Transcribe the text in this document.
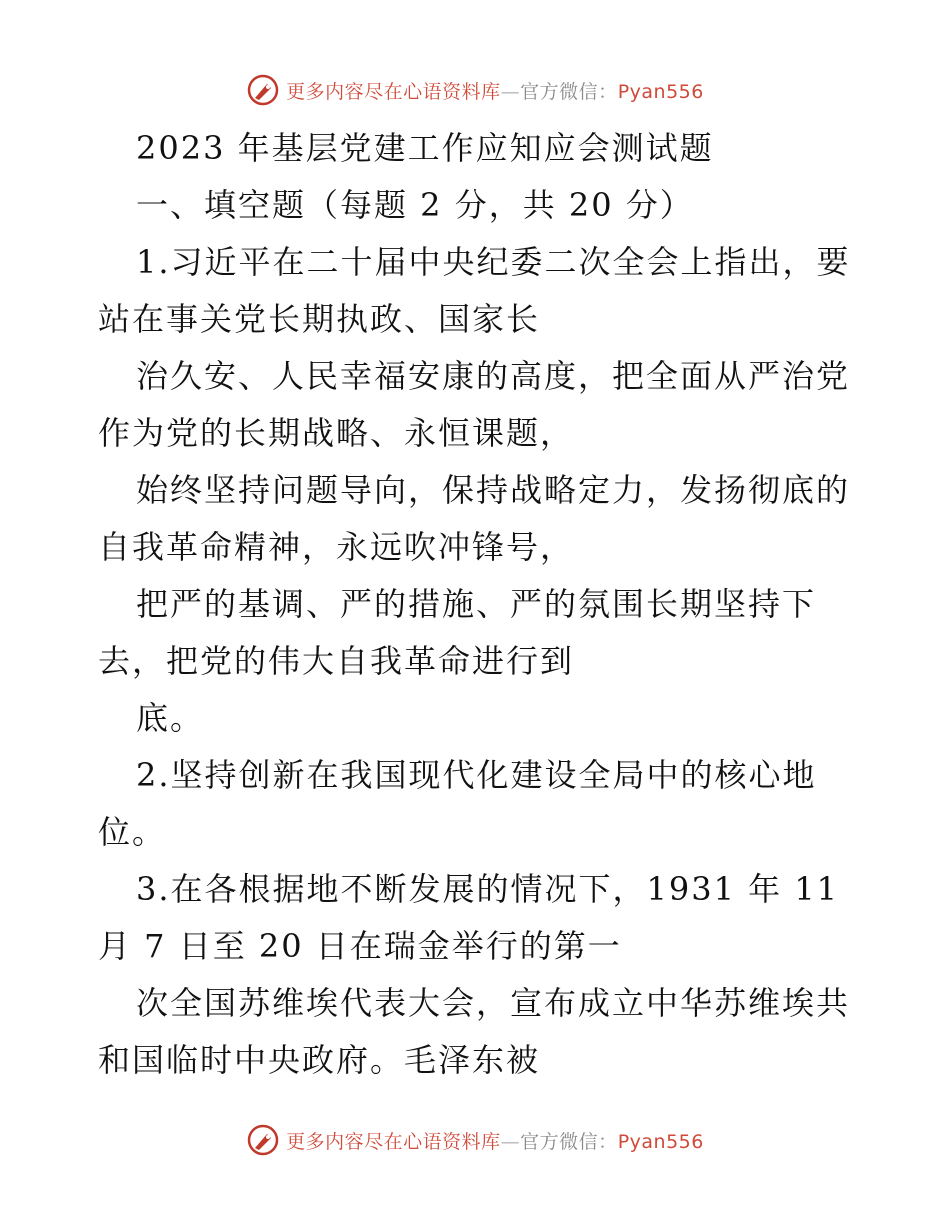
更多内容尽在心语资料库—官方微信：Pyan556
2023 年基层党建工作应知应会测试题
一、填空题（每题 2 分，共 20 分）
1.习近平在二十届中央纪委二次全会上指出，要
站在事关党长期执政、国家长
治久安、人民幸福安康的高度，把全面从严治党
作为党的长期战略、永恒课题，
始终坚持问题导向，保持战略定力，发扬彻底的
自我革命精神，永远吹冲锋号，
把严的基调、严的措施、严的氛围长期坚持下
去，把党的伟大自我革命进行到
底。
2.坚持创新在我国现代化建设全局中的核心地
位。
3.在各根据地不断发展的情况下，1931 年 11
月 7 日至 20 日在瑞金举行的第一
次全国苏维埃代表大会，宣布成立中华苏维埃共
和国临时中央政府。毛泽东被
更多内容尽在心语资料库—官方微信：Pyan556
